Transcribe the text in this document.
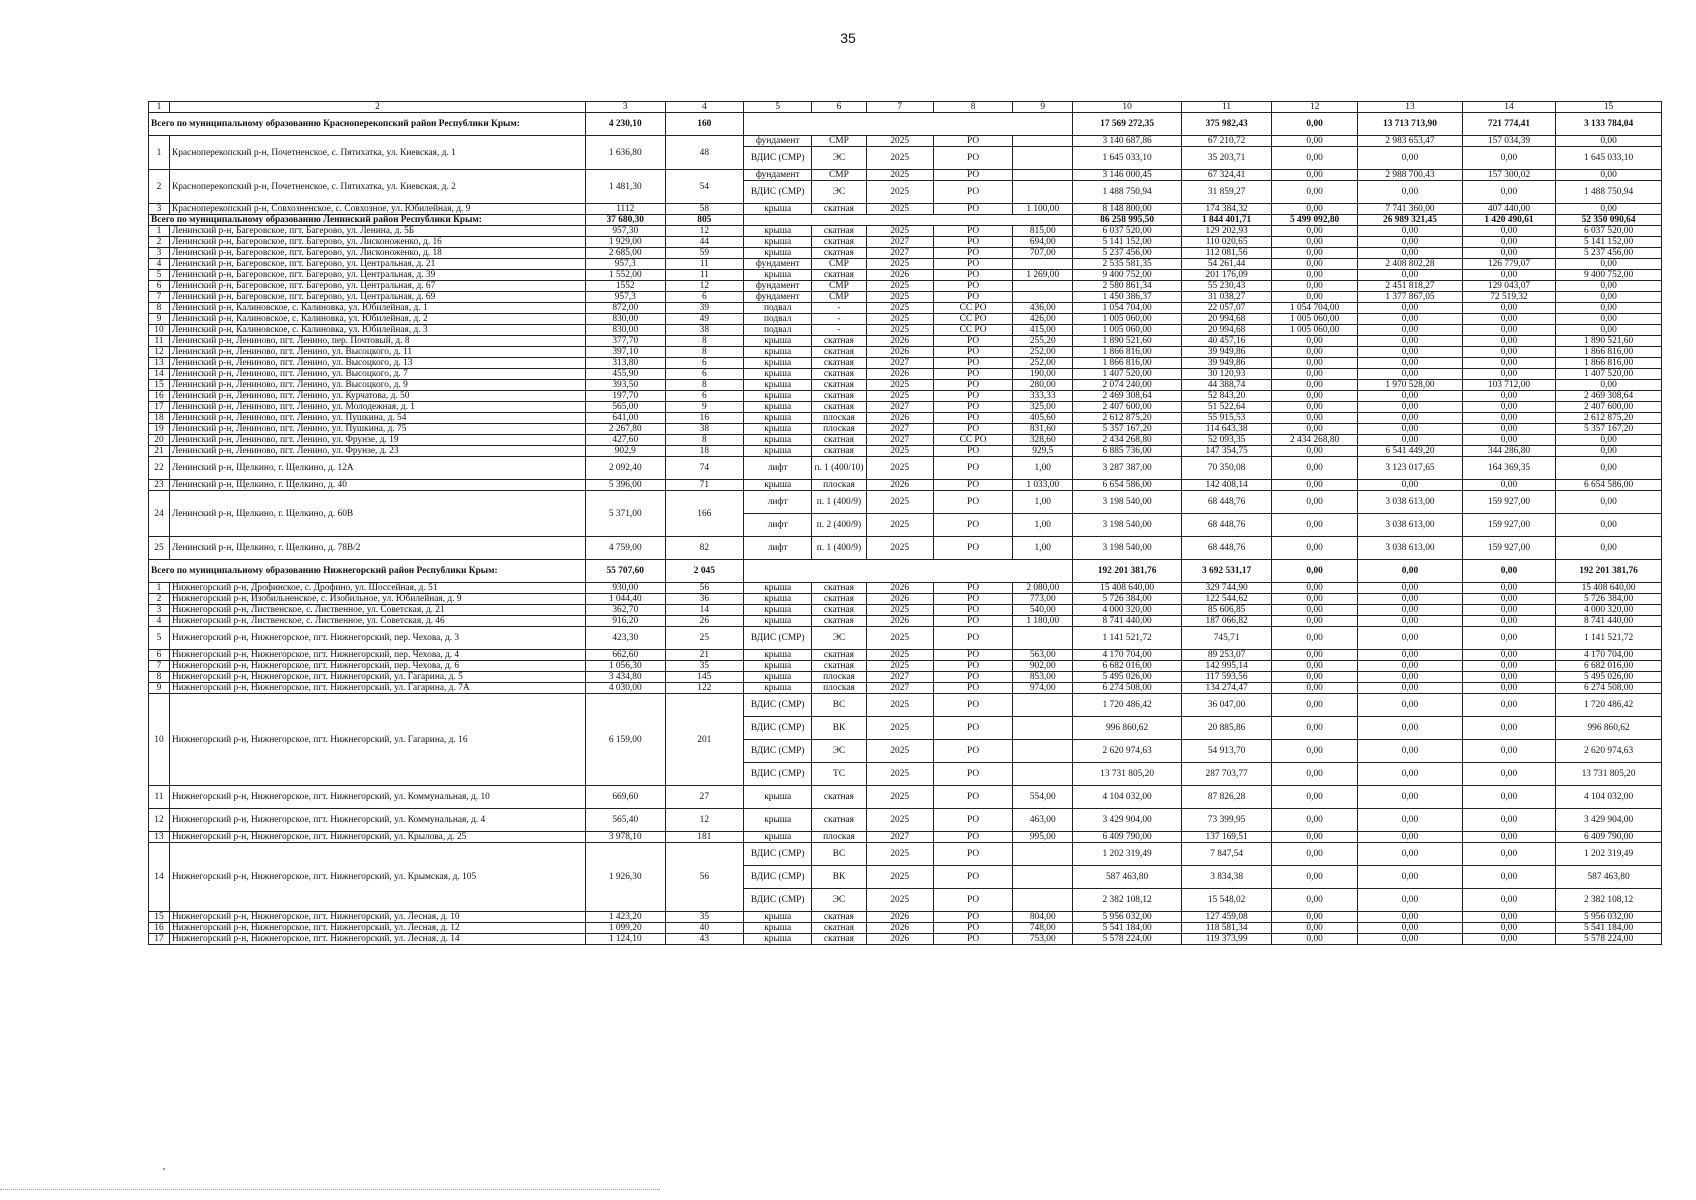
35
1	2	3	4	5	6	7	8	9	10	11	12	13	14	15
Всего по муниципальному образованию Красноперекопский район Республики Крым:		4 230,10	160						17 569 272,35	375 982,43	0,00	13 713 713,90	721 774,41	3 133 784,04
1	Красноперекопский р-н, Почетненское, с. Пятихатка, ул. Киевская, д. 1	1 636,80	48	фундамент	СМР	2025	РО		3 140 687,86	67 210,72	0,00	2 983 653,47	157 034,39	0,00
				ВДИС (СМР)	ЭС	2025	РО		1 645 033,10	35 203,71	0,00	0,00	0,00	1 645 033,10
2	Красноперекопский р-н, Почетненское, с. Пятихатка, ул. Киевская, д. 2	1 481,30	54	фундамент	СМР	2025	РО		3 146 000,45	67 324,41	0,00	2 988 700,43	157 300,02	0,00
				ВДИС (СМР)	ЭС	2025	РО		1 488 750,94	31 859,27	0,00	0,00	0,00	1 488 750,94
3	Красноперекопский р-н, Совхозненское, с. Совхозное, ул. Юбилейная, д. 9	1112	58	крыша	скатная	2025	РО	1 100,00	8 148 800,00	174 384,32	0,00	7 741 360,00	407 440,00	0,00
Всего по муниципальному образованию Ленинский район Республики Крым:		37 680,30	805						86 258 995,50	1 844 401,71	5 499 092,80	26 989 321,45	1 420 490,61	52 350 090,64
1	Ленинский р-н, Багеровское, пгт. Багерово, ул. Ленина, д. 5Б	957,30	12	крыша	скатная	2025	РО	815,00	6 037 520,00	129 202,93	0,00	0,00	0,00	6 037 520,00
2	Ленинский р-н, Багеровское, пгт. Багерово, ул. Лисконоженко, д. 16	1 929,00	44	крыша	скатная	2027	РО	694,00	5 141 152,00	110 020,65	0,00	0,00	0,00	5 141 152,00
3	Ленинский р-н, Багеровское, пгт. Багерово, ул. Лисконоженко, д. 18	2 685,00	59	крыша	скатная	2027	РО	707,00	5 237 456,00	112 081,56	0,00	0,00	0,00	5 237 456,00
4	Ленинский р-н, Багеровское, пгт. Багерово, ул. Центральная, д. 21	957,3	11	фундамент	СМР	2025	РО		2 535 581,35	54 261,44	0,00	2 408 802,28	126 779,07	0,00
5	Ленинский р-н, Багеровское, пгт. Багерово, ул. Центральная, д. 39	1 552,00	11	крыша	скатная	2026	РО	1 269,00	9 400 752,00	201 176,09	0,00	0,00	0,00	9 400 752,00
6	Ленинский р-н, Багеровское, пгт. Багерово, ул. Центральная, д. 67	1552	12	фундамент	СМР	2025	РО		2 580 861,34	55 230,43	0,00	2 451 818,27	129 043,07	0,00
7	Ленинский р-н, Багеровское, пгт. Багерово, ул. Центральная, д. 69	957,3	6	фундамент	СМР	2025	РО		1 450 386,37	31 038,27	0,00	1 377 867,05	72 519,32	0,00
8	Ленинский р-н, Калиновское, с. Калиновка, ул. Юбилейная, д. 1	872,00	39	подвал	-	2025	СС РО	436,00	1 054 704,00	22 057,07	1 054 704,00	0,00	0,00	0,00
9	Ленинский р-н, Калиновское, с. Калиновка, ул. Юбилейная, д. 2	830,00	49	подвал	-	2025	СС РО	426,00	1 005 060,00	20 994,68	1 005 060,00	0,00	0,00	0,00
10	Ленинский р-н, Калиновское, с. Калиновка, ул. Юбилейная, д. 3	830,00	38	подвал	-	2025	СС РО	415,00	1 005 060,00	20 994,68	1 005 060,00	0,00	0,00	0,00
11	Ленинский р-н, Лениново, пгт. Ленино, пер. Почтовый, д. 8	377,70	8	крыша	скатная	2026	РО	255,20	1 890 521,60	40 457,16	0,00	0,00	0,00	1 890 521,60
12	Ленинский р-н, Лениново, пгт. Ленино, ул. Высоцкого, д. 11	397,10	8	крыша	скатная	2026	РО	252,00	1 866 816,00	39 949,86	0,00	0,00	0,00	1 866 816,00
13	Ленинский р-н, Лениново, пгт. Ленино, ул. Высоцкого, д. 13	313,80	6	крыша	скатная	2027	РО	252,00	1 866 816,00	39 949,86	0,00	0,00	0,00	1 866 816,00
14	Ленинский р-н, Лениново, пгт. Ленино, ул. Высоцкого, д. 7	455,90	6	крыша	скатная	2026	РО	190,00	1 407 520,00	30 120,93	0,00	0,00	0,00	1 407 520,00
15	Ленинский р-н, Лениново, пгт. Ленино, ул. Высоцкого, д. 9	393,50	8	крыша	скатная	2025	РО	280,00	2 074 240,00	44 388,74	0,00	1 970 528,00	103 712,00	0,00
16	Ленинский р-н, Лениново, пгт. Ленино, ул. Курчатова, д. 50	197,70	6	крыша	скатная	2025	РО	333,33	2 469 308,64	52 843,20	0,00	0,00	0,00	2 469 308,64
17	Ленинский р-н, Лениново, пгт. Ленино, ул. Молодежная, д. 1	565,00	9	крыша	скатная	2027	РО	325,00	2 407 600,00	51 522,64	0,00	0,00	0,00	2 407 600,00
18	Ленинский р-н, Лениново, пгт. Ленино, ул. Пушкина, д. 54	641,00	16	крыша	плоская	2026	РО	405,60	2 612 875,20	55 915,53	0,00	0,00	0,00	2 612 875,20
19	Ленинский р-н, Лениново, пгт. Ленино, ул. Пушкина, д. 75	2 267,80	38	крыша	плоская	2027	РО	831,60	5 357 167,20	114 643,38	0,00	0,00	0,00	5 357 167,20
20	Ленинский р-н, Лениново, пгт. Ленино, ул. Фрунзе, д. 19	427,60	8	крыша	скатная	2027	СС РО	328,60	2 434 268,80	52 093,35	2 434 268,80	0,00	0,00	0,00
21	Ленинский р-н, Лениново, пгт. Ленино, ул. Фрунзе, д. 23	902,9	18	крыша	скатная	2025	РО	929,5	6 885 736,00	147 354,75	0,00	6 541 449,20	344 286,80	0,00
22	Ленинский р-н, Щелкино, г. Щелкино, д. 12А	2 092,40	74	лифт	п. 1 (400/10)	2025	РО	1,00	3 287 387,00	70 350,08	0,00	3 123 017,65	164 369,35	0,00
23	Ленинский р-н, Щелкино, г. Щелкино, д. 40	5 396,00	71	крыша	плоская	2026	РО	1 033,00	6 654 586,00	142 408,14	0,00	0,00	0,00	6 654 586,00
24	Ленинский р-н, Щелкино, г. Щелкино, д. 60В	5 371,00	166	лифт	п. 1 (400/9)	2025	РО	1,00	3 198 540,00	68 448,76	0,00	3 038 613,00	159 927,00	0,00
				лифт	п. 2 (400/9)	2025	РО	1,00	3 198 540,00	68 448,76	0,00	3 038 613,00	159 927,00	0,00
25	Ленинский р-н, Щелкино, г. Щелкино, д. 78В/2	4 759,00	82	лифт	п. 1 (400/9)	2025	РО	1,00	3 198 540,00	68 448,76	0,00	3 038 613,00	159 927,00	0,00
Всего по муниципальному образованию Нижнегорский район Республики Крым:		55 707,60	2 045						192 201 381,76	3 692 531,17	0,00	0,00	0,00	192 201 381,76
1	Нижнегорский р-н, Дрофинское, с. Дрофино, ул. Шоссейная, д. 51	930,00	56	крыша	скатная	2026	РО	2 080,00	15 408 640,00	329 744,90	0,00	0,00	0,00	15 408 640,00
2	Нижнегорский р-н, Изобильненское, с. Изобильное, ул. Юбилейная, д. 9	1 044,40	36	крыша	скатная	2026	РО	773,00	5 726 384,00	122 544,62	0,00	0,00	0,00	5 726 384,00
3	Нижнегорский р-н, Лиственское, с. Лиственное, ул. Советская, д. 21	362,70	14	крыша	скатная	2025	РО	540,00	4 000 320,00	85 606,85	0,00	0,00	0,00	4 000 320,00
4	Нижнегорский р-н, Лиственское, с. Лиственное, ул. Советская, д. 46	916,20	26	крыша	скатная	2026	РО	1 180,00	8 741 440,00	187 066,82	0,00	0,00	0,00	8 741 440,00
5	Нижнегорский р-н, Нижнегорское, пгт. Нижнегорский, пер. Чехова, д. 3	423,30	25	ВДИС (СМР)	ЭС	2025	РО		1 141 521,72	745,71	0,00	0,00	0,00	1 141 521,72
6	Нижнегорский р-н, Нижнегорское, пгт. Нижнегорский, пер. Чехова, д. 4	662,60	21	крыша	скатная	2025	РО	563,00	4 170 704,00	89 253,07	0,00	0,00	0,00	4 170 704,00
7	Нижнегорский р-н, Нижнегорское, пгт. Нижнегорский, пер. Чехова, д. 6	1 056,30	35	крыша	скатная	2025	РО	902,00	6 682 016,00	142 995,14	0,00	0,00	0,00	6 682 016,00
8	Нижнегорский р-н, Нижнегорское, пгт. Нижнегорский, ул. Гагарина, д. 5	3 434,80	145	крыша	плоская	2027	РО	853,00	5 495 026,00	117 593,56	0,00	0,00	0,00	5 495 026,00
9	Нижнегорский р-н, Нижнегорское, пгт. Нижнегорский, ул. Гагарина, д. 7А	4 030,00	122	крыша	плоская	2027	РО	974,00	6 274 508,00	134 274,47	0,00	0,00	0,00	6 274 508,00
10	Нижнегорский р-н, Нижнегорское, пгт. Нижнегорский, ул. Гагарина, д. 16	6 159,00	201	ВДИС (СМР)	ВС	2025	РО		1 720 486,42	36 047,00	0,00	0,00	0,00	1 720 486,42
				ВДИС (СМР)	ВК	2025	РО		996 860,62	20 885,86	0,00	0,00	0,00	996 860,62
				ВДИС (СМР)	ЭС	2025	РО		2 620 974,63	54 913,70	0,00	0,00	0,00	2 620 974,63
				ВДИС (СМР)	ТС	2025	РО		13 731 805,20	287 703,77	0,00	0,00	0,00	13 731 805,20
11	Нижнегорский р-н, Нижнегорское, пгт. Нижнегорский, ул. Коммунальная, д. 10	669,60	27	крыша	скатная	2025	РО	554,00	4 104 032,00	87 826,28	0,00	0,00	0,00	4 104 032,00
12	Нижнегорский р-н, Нижнегорское, пгт. Нижнегорский, ул. Коммунальная, д. 4	565,40	12	крыша	скатная	2025	РО	463,00	3 429 904,00	73 399,95	0,00	0,00	0,00	3 429 904,00
13	Нижнегорский р-н, Нижнегорское, пгт. Нижнегорский, ул. Крылова, д. 25	3 978,10	181	крыша	плоская	2027	РО	995,00	6 409 790,00	137 169,51	0,00	0,00	0,00	6 409 790,00
14	Нижнегорский р-н, Нижнегорское, пгт. Нижнегорский, ул. Крымская, д. 105	1 926,30	56	ВДИС (СМР)	ВС	2025	РО		1 202 319,49	7 847,54	0,00	0,00	0,00	1 202 319,49
				ВДИС (СМР)	ВК	2025	РО		587 463,80	3 834,38	0,00	0,00	0,00	587 463,80
				ВДИС (СМР)	ЭС	2025	РО		2 382 108,12	15 548,02	0,00	0,00	0,00	2 382 108,12
15	Нижнегорский р-н, Нижнегорское, пгт. Нижнегорский, ул. Лесная, д. 10	1 423,20	35	крыша	скатная	2026	РО	804,00	5 956 032,00	127 459,08	0,00	0,00	0,00	5 956 032,00
16	Нижнегорский р-н, Нижнегорское, пгт. Нижнегорский, ул. Лесная, д. 12	1 099,20	40	крыша	скатная	2026	РО	748,00	5 541 184,00	118 581,34	0,00	0,00	0,00	5 541 184,00
17	Нижнегорский р-н, Нижнегорское, пгт. Нижнегорский, ул. Лесная, д. 14	1 124,10	43	крыша	скатная	2026	РО	753,00	5 578 224,00	119 373,99	0,00	0,00	0,00	5 578 224,00
